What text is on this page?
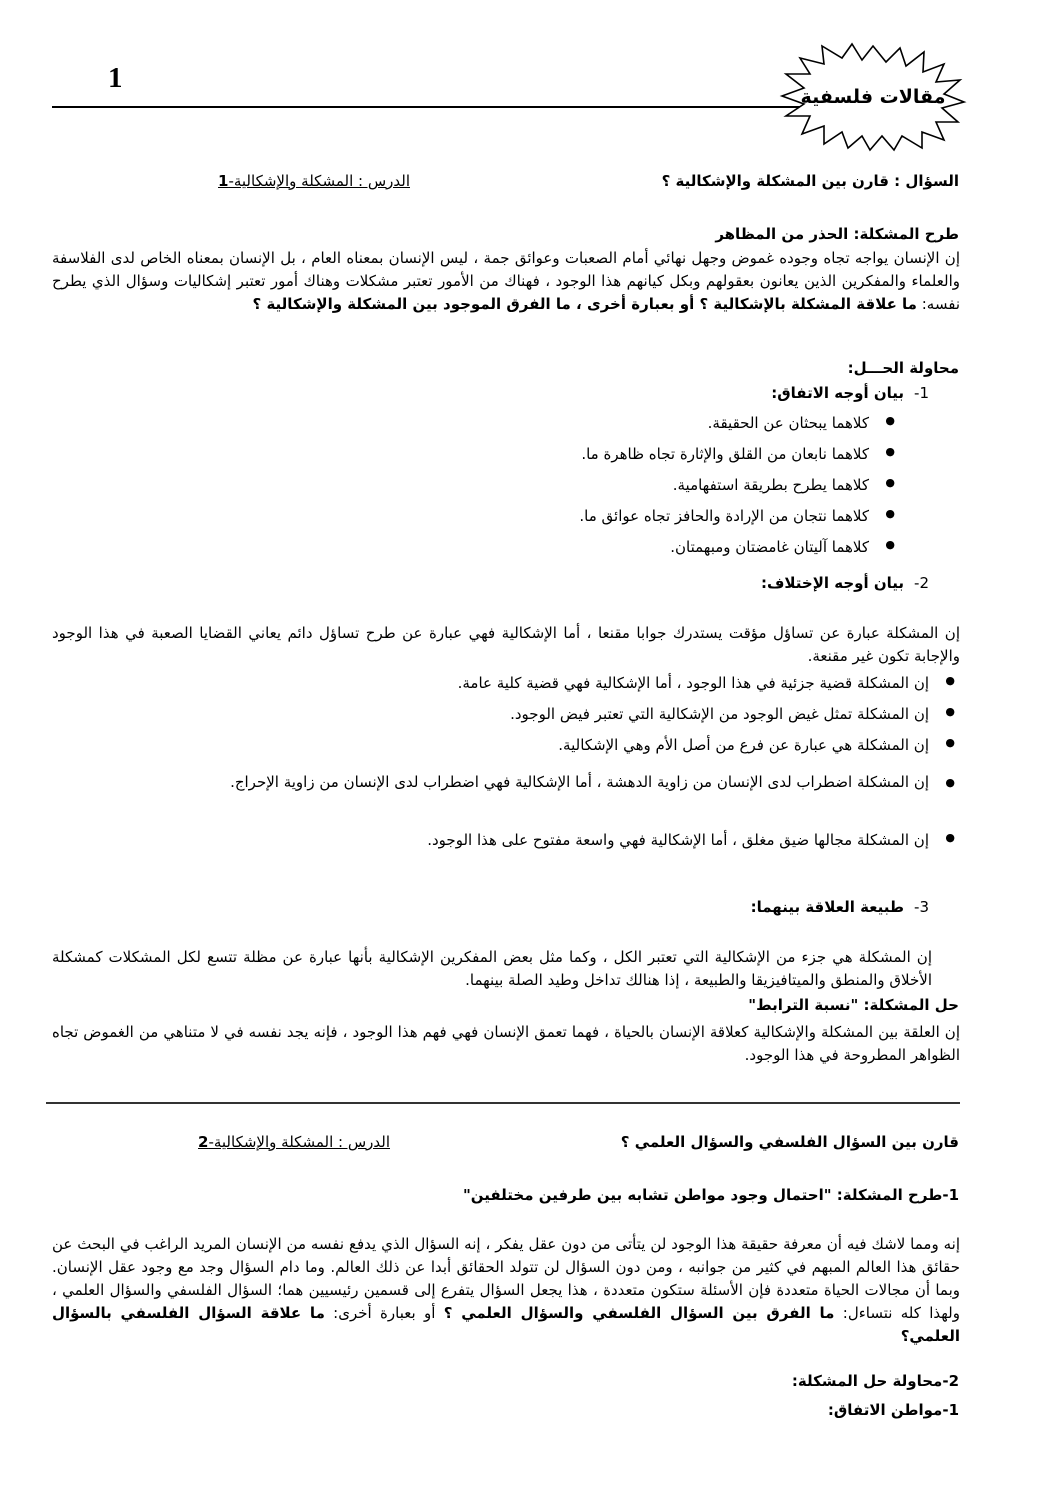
1
مقالات فلسفية
السؤال : قارن بين المشكلة والإشكالية ؟
الدرس : المشكلة والإشكالية-1
طرح المشكلة: الحذر من المظاهر
إن الإنسان يواجه تجاه وجوده غموض وجهل نهائي أمام الصعبات وعوائق جمة ، ليس الإنسان بمعناه العام ، بل الإنسان بمعناه الخاص لدى الفلاسفة والعلماء والمفكرين الذين يعانون بعقولهم وبكل كيانهم هذا الوجود ، فهناك من الأمور تعتبر مشكلات وهناك أمور تعتبر إشكاليات وسؤال الذي يطرح نفسه: ما علاقة المشكلة بالإشكالية ؟ أو بعبارة أخرى ، ما الفرق الموجود بين المشكلة والإشكالية ؟
محاولة الحـــل:
1-بيان أوجه الاتفاق:
● كلاهما يبحثان عن الحقيقة.
● كلاهما نابعان من القلق والإثارة تجاه ظاهرة ما.
● كلاهما يطرح بطريقة استفهامية.
● كلاهما نتجان من الإرادة والحافز تجاه عوائق ما.
● كلاهما آليتان غامضتان ومبهمتان.
2-بيان أوجه الإختلاف:
إن المشكلة عبارة عن تساؤل مؤقت يستدرك جوابا مقنعا ، أما الإشكالية فهي عبارة عن طرح تساؤل دائم يعاني القضايا الصعبة في هذا الوجود والإجابة تكون غير مقنعة.
● إن المشكلة قضية جزئية في هذا الوجود ، أما الإشكالية فهي قضية كلية عامة.
● إن المشكلة تمثل غيض الوجود من الإشكالية التي تعتبر فيض الوجود.
● إن المشكلة هي عبارة عن فرع من أصل الأم وهي الإشكالية.
● إن المشكلة اضطراب لدى الإنسان من زاوية الدهشة ، أما الإشكالية فهي اضطراب لدى الإنسان من زاوية الإحراج.
● إن المشكلة مجالها ضيق مغلق ، أما الإشكالية فهي واسعة مفتوح على هذا الوجود.
3-طبيعة العلاقة بينهما:
إن المشكلة هي جزء من الإشكالية التي تعتبر الكل ، وكما مثل بعض المفكرين الإشكالية بأنها عبارة عن مظلة تتسع لكل المشكلات كمشكلة الأخلاق والمنطق والميتافيزيقا والطبيعة ، إذا هنالك تداخل وطيد الصلة بينهما.
حل المشكلة: "نسبة الترابط"
إن العلقة بين المشكلة والإشكالية كعلاقة الإنسان بالحياة ، فهما تعمق الإنسان فهي فهم هذا الوجود ، فإنه يجد نفسه في لا متناهي من الغموض تجاه الظواهر المطروحة في هذا الوجود.
قارن بين السؤال الفلسفي والسؤال العلمي ؟
الدرس : المشكلة والإشكالية-2
1-طرح المشكلة: "احتمال وجود مواطن تشابه بين طرفين مختلفين"
إنه ومما لاشك فيه أن معرفة حقيقة هذا الوجود لن يتأتى من دون عقل يفكر ، إنه السؤال الذي يدفع نفسه من الإنسان المريد الراغب في البحث عن حقائق هذا العالم المبهم في كثير من جوانبه ، ومن دون السؤال لن تتولد الحقائق أبدا عن ذلك العالم. وما دام السؤال وجد مع وجود عقل الإنسان. وبما أن مجالات الحياة متعددة فإن الأسئلة ستكون متعددة ، هذا يجعل السؤال يتفرع إلى قسمين رئيسيين هما؛ السؤال الفلسفي والسؤال العلمي ، ولهذا كله نتساءل: ما الفرق بين السؤال الفلسفي والسؤال العلمي ؟ أو بعبارة أخرى: ما علاقة السؤال الفلسفي بالسؤال العلمي؟
2-محاولة حل المشكلة:
1-مواطن الاتفاق:
